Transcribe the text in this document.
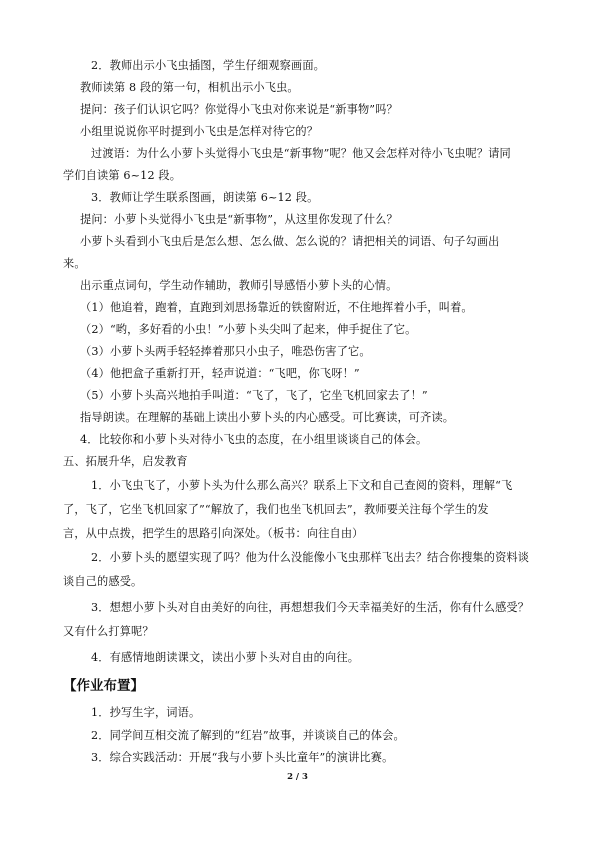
2．教师出示小飞虫插图，学生仔细观察画面。
教师读第 8 段的第一句，相机出示小飞虫。
提问：孩子们认识它吗？你觉得小飞虫对你来说是“新事物”吗？
小组里说说你平时提到小飞虫是怎样对待它的？
过渡语：为什么小萝卜头觉得小飞虫是“新事物”呢？他又会怎样对待小飞虫呢？请同
学们自读第 6~12 段。
3．教师让学生联系图画，朗读第 6~12 段。
提问：小萝卜头觉得小飞虫是“新事物”，从这里你发现了什么？
小萝卜头看到小飞虫后是怎么想、怎么做、怎么说的？请把相关的词语、句子勾画出
来。
出示重点词句，学生动作辅助，教师引导感悟小萝卜头的心情。
（1）他追着，跑着，直跑到刘思扬靠近的铁窗附近，不住地挥着小手，叫着。
（2）“哟，多好看的小虫！”小萝卜头尖叫了起来，伸手捉住了它。
（3）小萝卜头两手轻轻捧着那只小虫子，唯恐伤害了它。
（4）他把盒子重新打开，轻声说道：“飞吧，你飞呀！”
（5）小萝卜头高兴地拍手叫道：“飞了，飞了，它坐飞机回家去了！”
指导朗读。在理解的基础上读出小萝卜头的内心感受。可比赛读，可齐读。
4．比较你和小萝卜头对待小飞虫的态度，在小组里谈谈自己的体会。
五、拓展升华，启发教育
1．小飞虫飞了，小萝卜头为什么那么高兴？联系上下文和自己查阅的资料，理解“飞
了，飞了，它坐飞机回家了”“解放了，我们也坐飞机回去”，教师要关注每个学生的发
言，从中点拨，把学生的思路引向深处。（板书：向往自由）
2．小萝卜头的愿望实现了吗？他为什么没能像小飞虫那样飞出去？结合你搜集的资料谈
谈自己的感受。
3．想想小萝卜头对自由美好的向往，再想想我们今天幸福美好的生活，你有什么感受？
又有什么打算呢？
4．有感情地朗读课文，读出小萝卜头对自由的向往。
【作业布置】
1．抄写生字，词语。
2．同学间互相交流了解到的“红岩”故事，并谈谈自己的体会。
3．综合实践活动：开展“我与小萝卜头比童年”的演讲比赛。
2 / 3
